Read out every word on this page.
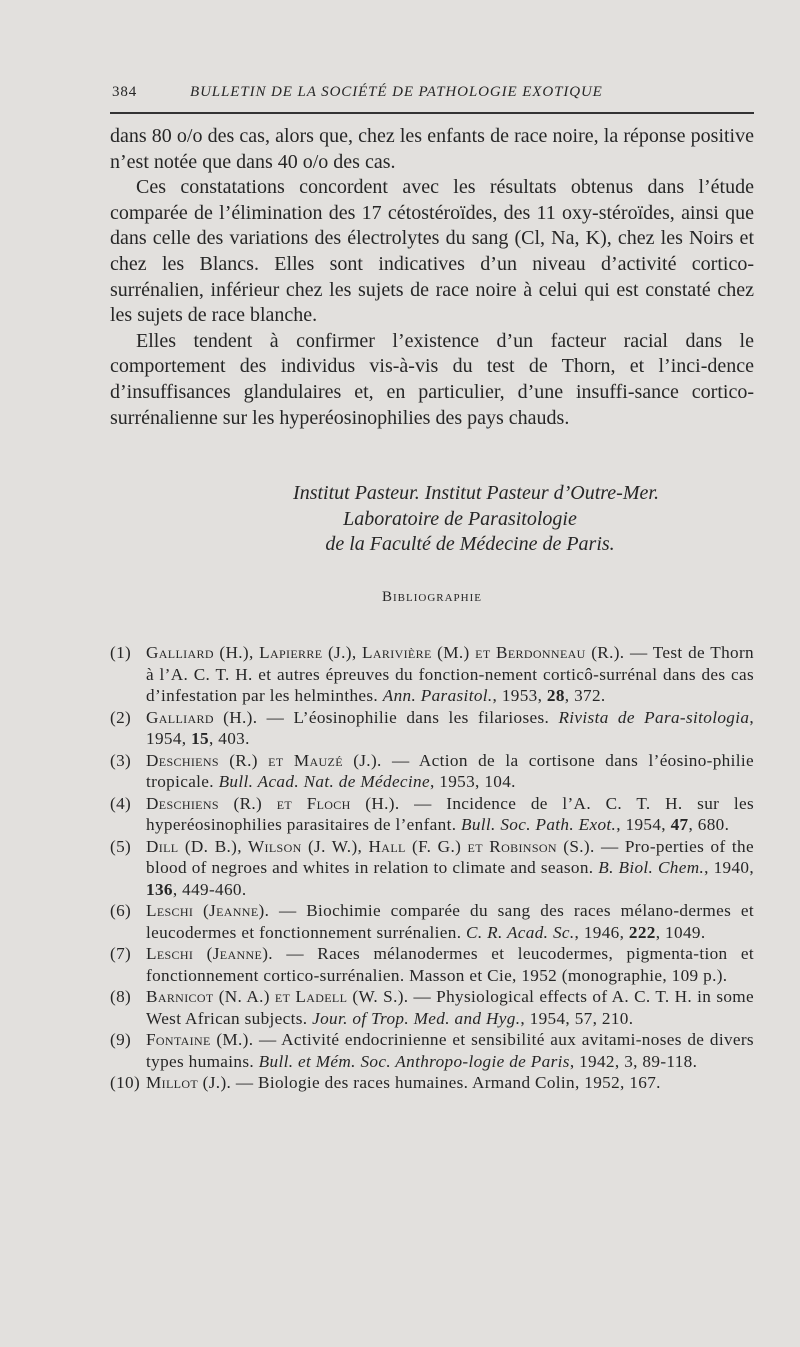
384	BULLETIN DE LA SOCIÉTÉ DE PATHOLOGIE EXOTIQUE

dans 80 o/o des cas, alors que, chez les enfants de race noire, la réponse positive n’est notée que dans 40 o/o des cas.

Ces constatations concordent avec les résultats obtenus dans l’étude comparée de l’élimination des 17 cétostéroïdes, des 11 oxy-stéroïdes, ainsi que dans celle des variations des électrolytes du sang (Cl, Na, K), chez les Noirs et chez les Blancs. Elles sont indicatives d’un niveau d’activité cortico-surrénalien, inférieur chez les sujets de race noire à celui qui est constaté chez les sujets de race blanche.

Elles tendent à confirmer l’existence d’un facteur racial dans le comportement des individus vis-à-vis du test de Thorn, et l’inci-dence d’insuffisances glandulaires et, en particulier, d’une insuffi-sance cortico-surrénalienne sur les hyperéosinophilies des pays chauds.

Institut Pasteur. Institut Pasteur d’Outre-Mer.
Laboratoire de Parasitologie
de la Faculté de Médecine de Paris.
Bibliographie

(1) Galliard (H.), Lapierre (J.), Larivière (M.) et Berdonneau (R.). — Test de Thorn à l’A. C. T. H. et autres épreuves du fonction-nement corticô-surrénal dans des cas d’infestation par les helminthes. Ann. Parasitol., 1953, 28, 372.

(2) Galliard (H.). — L’éosinophilie dans les filarioses. Rivista de Para-sitologia, 1954, 15, 403.

(3) Deschiens (R.) et Mauzé (J.). — Action de la cortisone dans l’éosino-philie tropicale. Bull. Acad. Nat. de Médecine, 1953, 104.

(4) Deschiens (R.) et Floch (H.). — Incidence de l’A. C. T. H. sur les hyperéosinophilies parasitaires de l’enfant. Bull. Soc. Path. Exot., 1954, 47, 680.

(5) Dill (D. B.), Wilson (J. W.), Hall (F. G.) et Robinson (S.). — Pro-perties of the blood of negroes and whites in relation to climate and season. B. Biol. Chem., 1940, 136, 449-460.

(6) Leschi (Jeanne). — Biochimie comparée du sang des races mélano-dermes et leucodermes et fonctionnement surrénalien. C. R. Acad. Sc., 1946, 222, 1049.

(7) Leschi (Jeanne). — Races mélanodermes et leucodermes, pigmenta-tion et fonctionnement cortico-surrénalien. Masson et Cie, 1952 (monographie, 109 p.).

(8) Barnicot (N. A.) et Ladell (W. S.). — Physiological effects of A. C. T. H. in some West African subjects. Jour. of Trop. Med. and Hyg., 1954, 57, 210.

(9) Fontaine (M.). — Activité endocrinienne et sensibilité aux avitami-noses de divers types humains. Bull. et Mém. Soc. Anthropo-logie de Paris, 1942, 3, 89-118.

(10) Millot (J.). — Biologie des races humaines. Armand Colin, 1952, 167.
